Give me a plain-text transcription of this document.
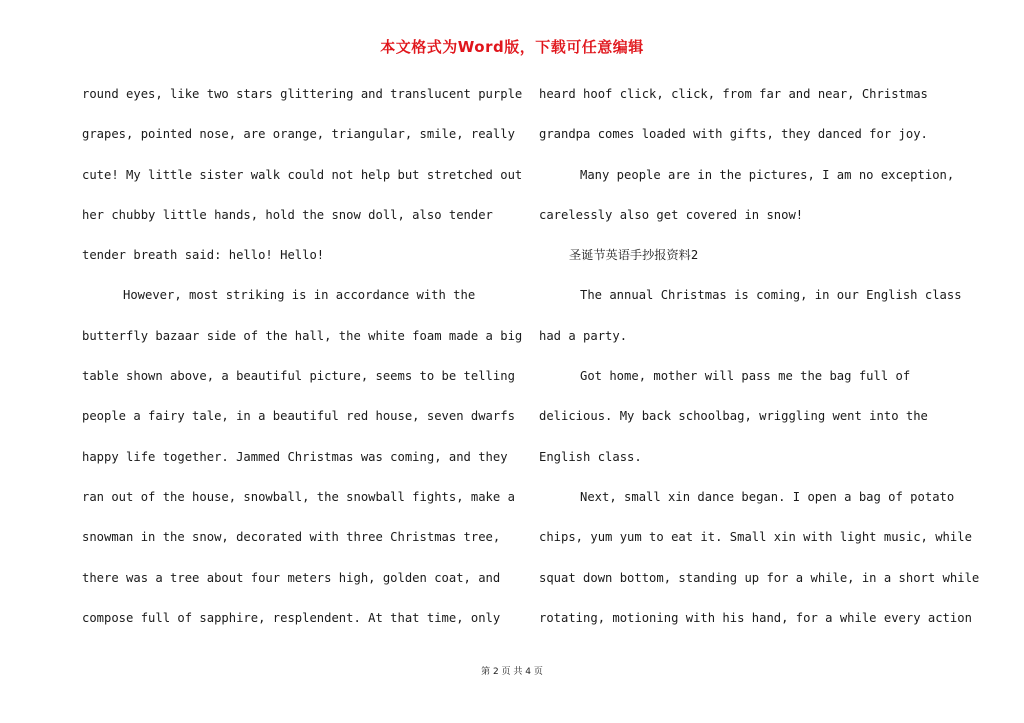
本文格式为Word版，下载可任意编辑
round eyes, like two stars glittering and translucent purple
grapes, pointed nose, are orange, triangular, smile, really
cute! My little sister walk could not help but stretched out
her chubby little hands, hold the snow doll, also tender
tender breath said: hello! Hello!
However, most striking is in accordance with the
butterfly bazaar side of the hall, the white foam made a big
table shown above, a beautiful picture, seems to be telling
people a fairy tale, in a beautiful red house, seven dwarfs
happy life together. Jammed Christmas was coming, and they
ran out of the house, snowball, the snowball fights, make a
snowman in the snow, decorated with three Christmas tree,
there was a tree about four meters high, golden coat, and
compose full of sapphire, resplendent. At that time, only
heard hoof click, click, from far and near, Christmas
grandpa comes loaded with gifts, they danced for joy.
Many people are in the pictures, I am no exception,
carelessly also get covered in snow!
圣诞节英语手抄报资料2
The annual Christmas is coming, in our English class
had a party.
Got home, mother will pass me the bag full of
delicious. My back schoolbag, wriggling went into the
English class.
Next, small xin dance began. I open a bag of potato
chips, yum yum to eat it. Small xin with light music, while
squat down bottom, standing up for a while, in a short while
rotating, motioning with his hand, for a while every action
第 2 页 共 4 页
